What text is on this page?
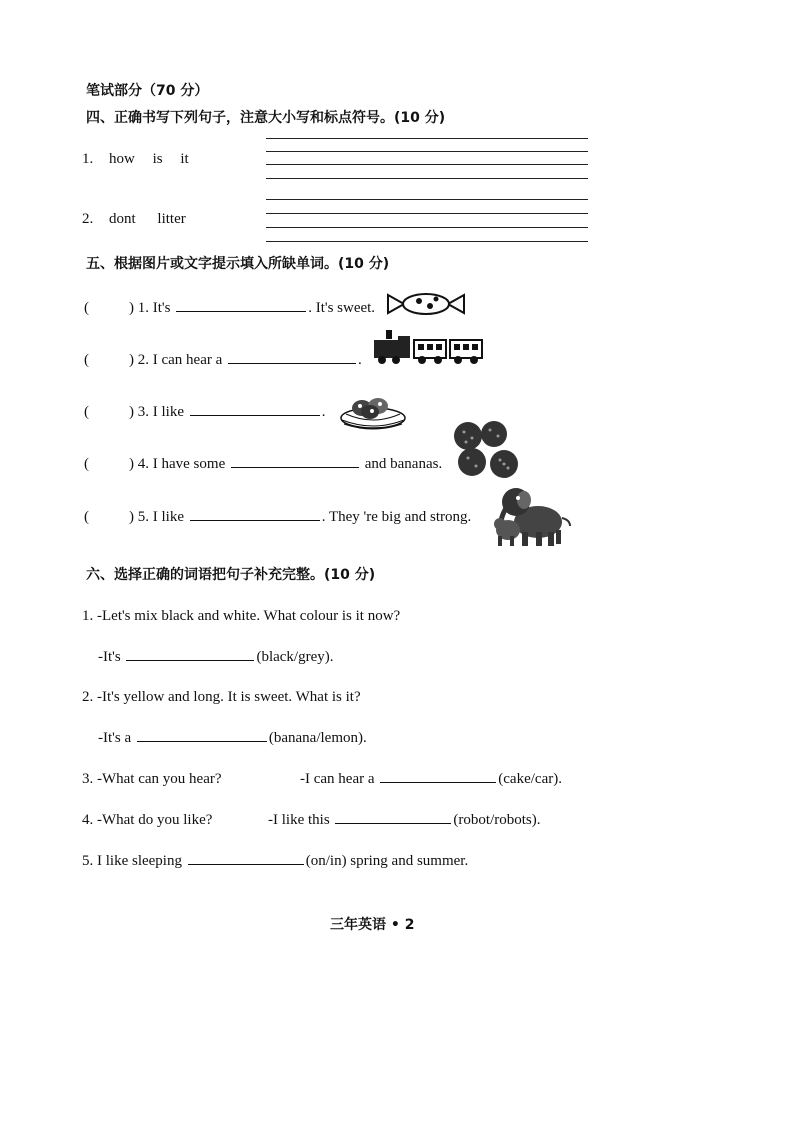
笔试部分（70 分）
四、正确书写下列句子，注意大小写和标点符号。(10 分)
1. how is it
2. dont litter
五、根据图片或文字提示填入所缺单词。(10 分)
(	) 1. It's	. It's sweet.
(	) 2. I can hear a	.
(	) 3. I like	.
(	) 4. I have some	and bananas.
(	) 5. I like	. They 're big and strong.
六、选择正确的词语把句子补充完整。(10 分)
1. -Let's mix black and white. What colour is it now?
-It's	(black/grey).
2. -It's yellow and long. It is sweet. What is it?
-It's a	(banana/lemon).
3. -What can you hear?	-I can hear a	(cake/car).
4. -What do you like?	-I like this	(robot/robots).
5. I like sleeping	(on/in) spring and summer.
三年英语 • 2
